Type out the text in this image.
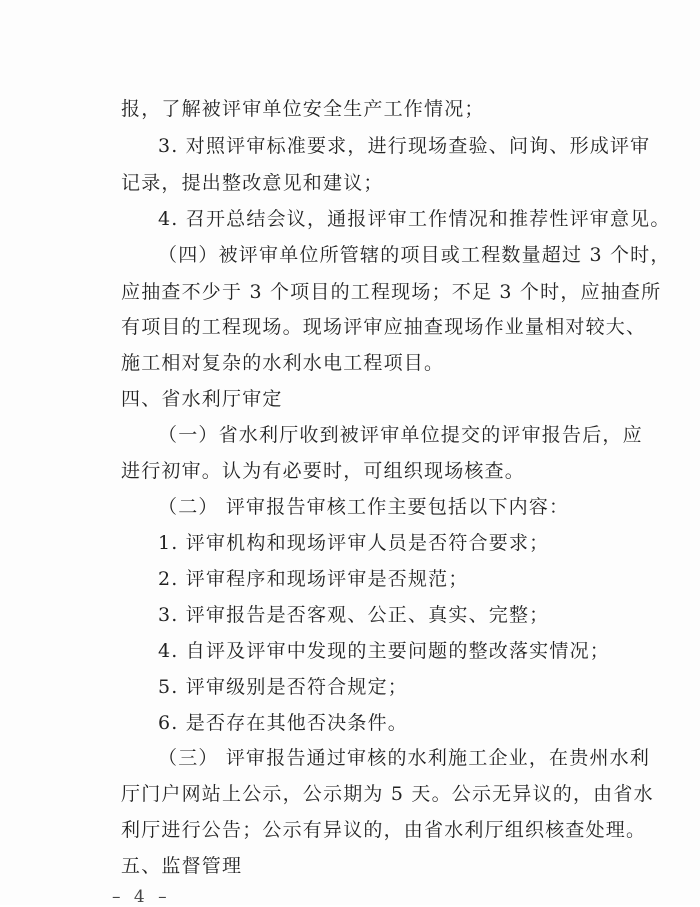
报，了解被评审单位安全生产工作情况；
3. 对照评审标准要求，进行现场查验、问询、形成评审
记录，提出整改意见和建议；
4. 召开总结会议，通报评审工作情况和推荐性评审意见。
（四）被评审单位所管辖的项目或工程数量超过 3 个时，
应抽查不少于 3 个项目的工程现场；不足 3 个时，应抽查所
有项目的工程现场。现场评审应抽查现场作业量相对较大、
施工相对复杂的水利水电工程项目。
四、省水利厅审定
（一）省水利厅收到被评审单位提交的评审报告后，应
进行初审。认为有必要时，可组织现场核查。
（二） 评审报告审核工作主要包括以下内容：
1. 评审机构和现场评审人员是否符合要求；
2. 评审程序和现场评审是否规范；
3. 评审报告是否客观、公正、真实、完整；
4. 自评及评审中发现的主要问题的整改落实情况；
5. 评审级别是否符合规定；
6. 是否存在其他否决条件。
（三） 评审报告通过审核的水利施工企业，在贵州水利
厅门户网站上公示，公示期为 5 天。公示无异议的，由省水
利厅进行公告；公示有异议的，由省水利厅组织核查处理。
五、监督管理
– 4 –
